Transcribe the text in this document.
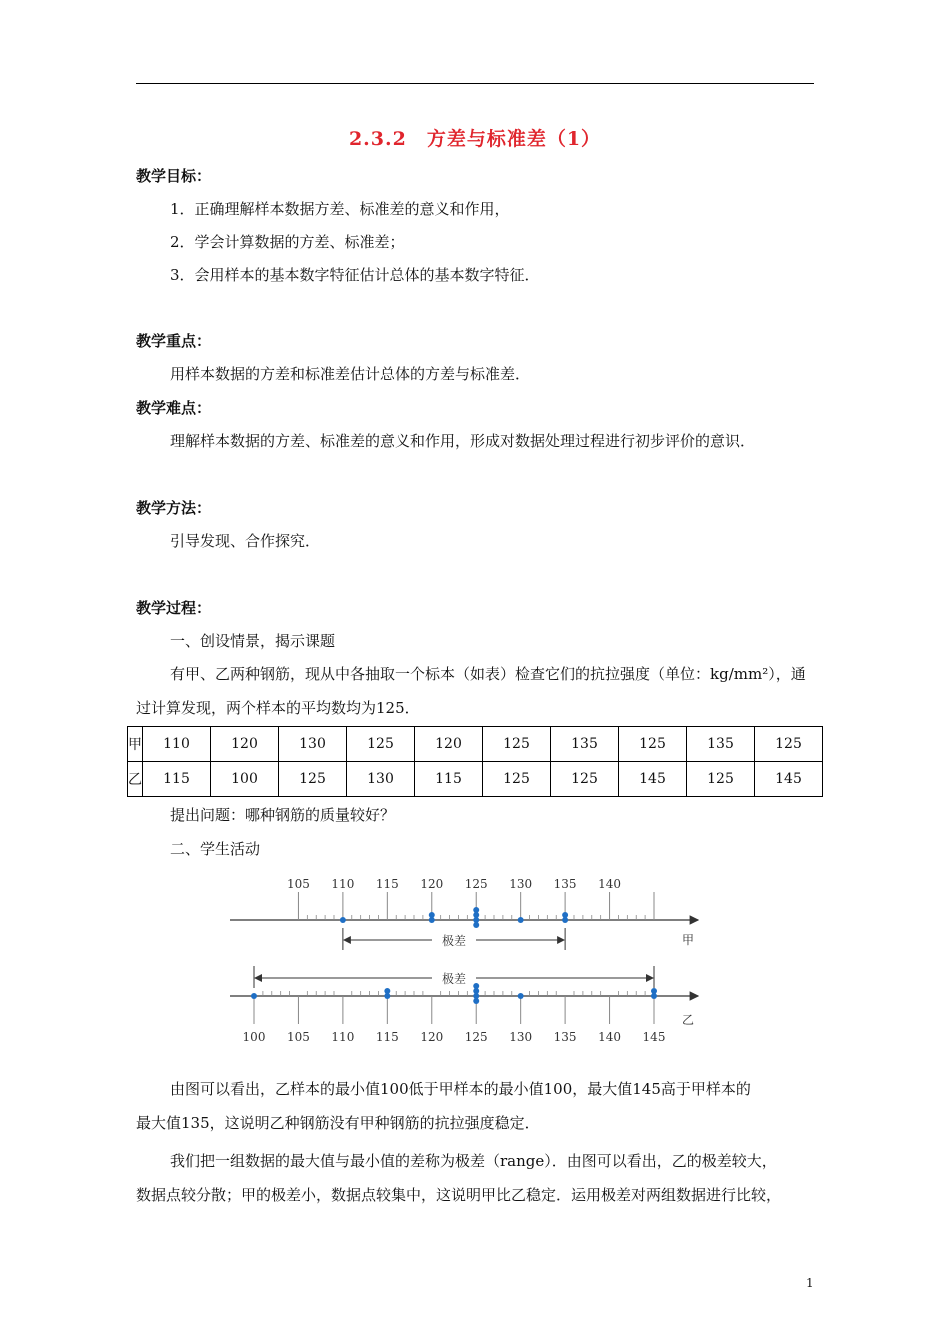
2.3.2　方差与标准差（1）
教学目标：
1．正确理解样本数据方差、标准差的意义和作用，
2．学会计算数据的方差、标准差；
3．会用样本的基本数字特征估计总体的基本数字特征．
教学重点：
用样本数据的方差和标准差估计总体的方差与标准差．
教学难点：
理解样本数据的方差、标准差的意义和作用，形成对数据处理过程进行初步评价的意识．
教学方法：
引导发现、合作探究．
教学过程：
一、创设情景，揭示课题
有甲、乙两种钢筋，现从中各抽取一个标本（如表）检查它们的抗拉强度（单位：kg/mm²），通
过计算发现，两个样本的平均数均为125．
甲	110	120	130	125	120	125	135	125	135	125
乙	115	100	125	130	115	125	125	145	125	145
提出问题：哪种钢筋的质量较好？
二、学生活动
105 110 115 120 125 130 135 140
甲
极差
极差
100 105 110 115 120 125 130 135 140 145
乙
由图可以看出，乙样本的最小值100低于甲样本的最小值100，最大值145高于甲样本的
最大值135，这说明乙种钢筋没有甲种钢筋的抗拉强度稳定．
我们把一组数据的最大值与最小值的差称为极差（range）．由图可以看出，乙的极差较大，
数据点较分散；甲的极差小，数据点较集中，这说明甲比乙稳定．运用极差对两组数据进行比较，
1
